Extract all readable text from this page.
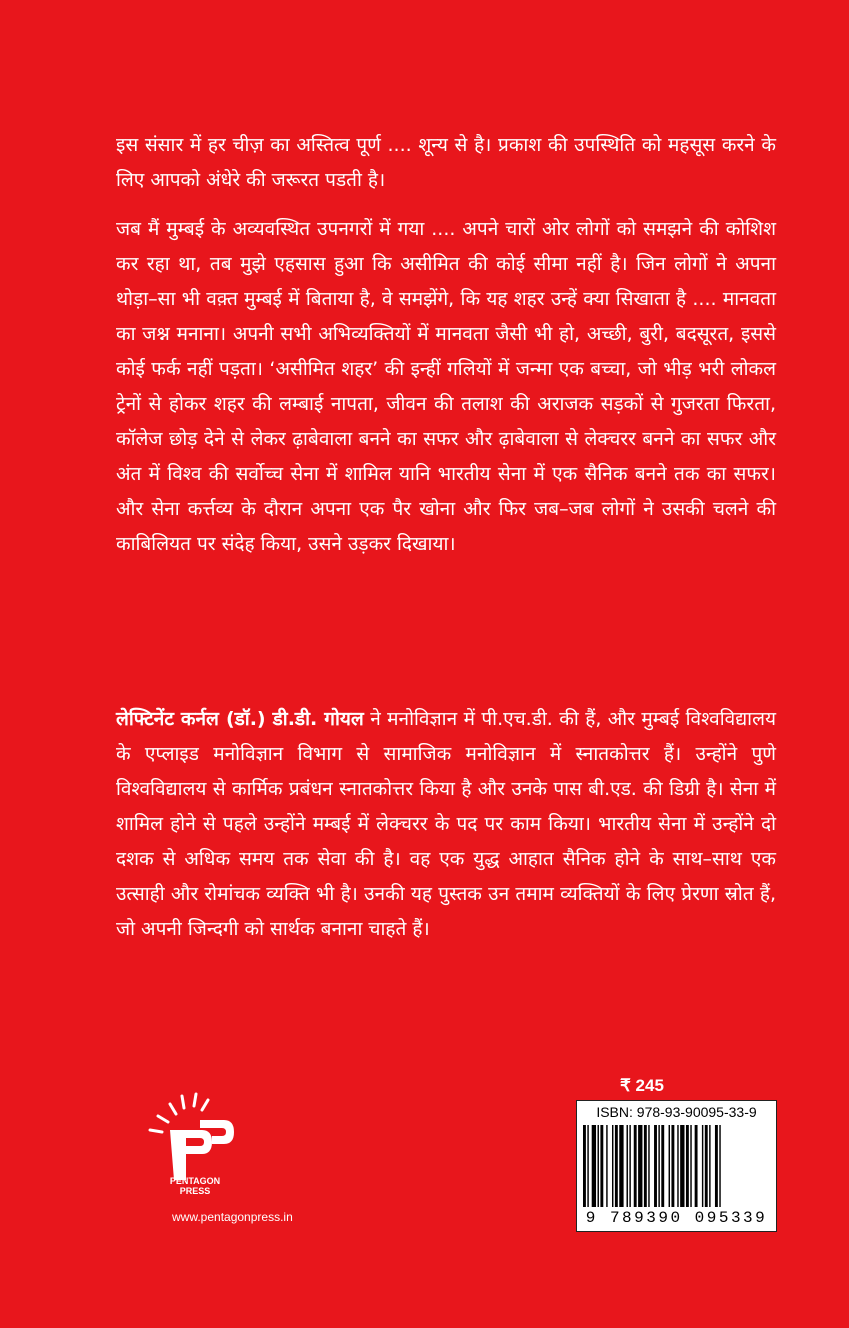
इस संसार में हर चीज़ का अस्तित्व पूर्ण .... शून्य से है। प्रकाश की उपस्थिति को महसूस करने के लिए आपको अंधेरे की जरूरत पडती है।

जब मैं मुम्बई के अव्यवस्थित उपनगरों में गया .... अपने चारों ओर लोगों को समझने की कोशिश कर रहा था, तब मुझे एहसास हुआ कि असीमित की कोई सीमा नहीं है। जिन लोगों ने अपना थोड़ा–सा भी वक़्त मुम्बई में बिताया है, वे समझेंगे, कि यह शहर उन्हें क्या सिखाता है .... मानवता का जश्न मनाना। अपनी सभी अभिव्यक्तियों में मानवता जैसी भी हो, अच्छी, बुरी, बदसूरत, इससे कोई फर्क नहीं पड़ता। ‘असीमित शहर’ की इन्हीं गलियों में जन्मा एक बच्चा, जो भीड़ भरी लोकल ट्रेनों से होकर शहर की लम्बाई नापता, जीवन की तलाश की अराजक सड़कों से गुजरता फिरता, कॉलेज छोड़ देने से लेकर ढ़ाबेवाला बनने का सफर और ढ़ाबेवाला से लेक्चरर बनने का सफर और अंत में विश्व की सर्वोच्च सेना में शामिल यानि भारतीय सेना में एक सैनिक बनने तक का सफर। और सेना कर्त्तव्य के दौरान अपना एक पैर खोना और फिर जब–जब लोगों ने उसकी चलने की काबिलियत पर संदेह किया, उसने उड़कर दिखाया।

लेफ्टिनेंट कर्नल (डॉ.) डी.डी. गोयल ने मनोविज्ञान में पी.एच.डी. की हैं, और मुम्बई विश्वविद्यालय के एप्लाइड मनोविज्ञान विभाग से सामाजिक मनोविज्ञान में स्नातकोत्तर हैं। उन्होंने पुणे विश्वविद्यालय से कार्मिक प्रबंधन स्नातकोत्तर किया है और उनके पास बी.एड. की डिग्री है। सेना में शामिल होने से पहले उन्होंने मम्बई में लेक्चरर के पद पर काम किया। भारतीय सेना में उन्होंने दो दशक से अधिक समय तक सेवा की है। वह एक युद्ध आहात सैनिक होने के साथ–साथ एक उत्साही और रोमांचक व्यक्ति भी है। उनकी यह पुस्तक उन तमाम व्यक्तियों के लिए प्रेरणा स्रोत हैं, जो अपनी जिन्दगी को सार्थक बनाना चाहते हैं।

PENTAGON
PRESS
www.pentagonpress.in
₹ 245
ISBN: 978-93-90095-33-9
9 789390 095339
